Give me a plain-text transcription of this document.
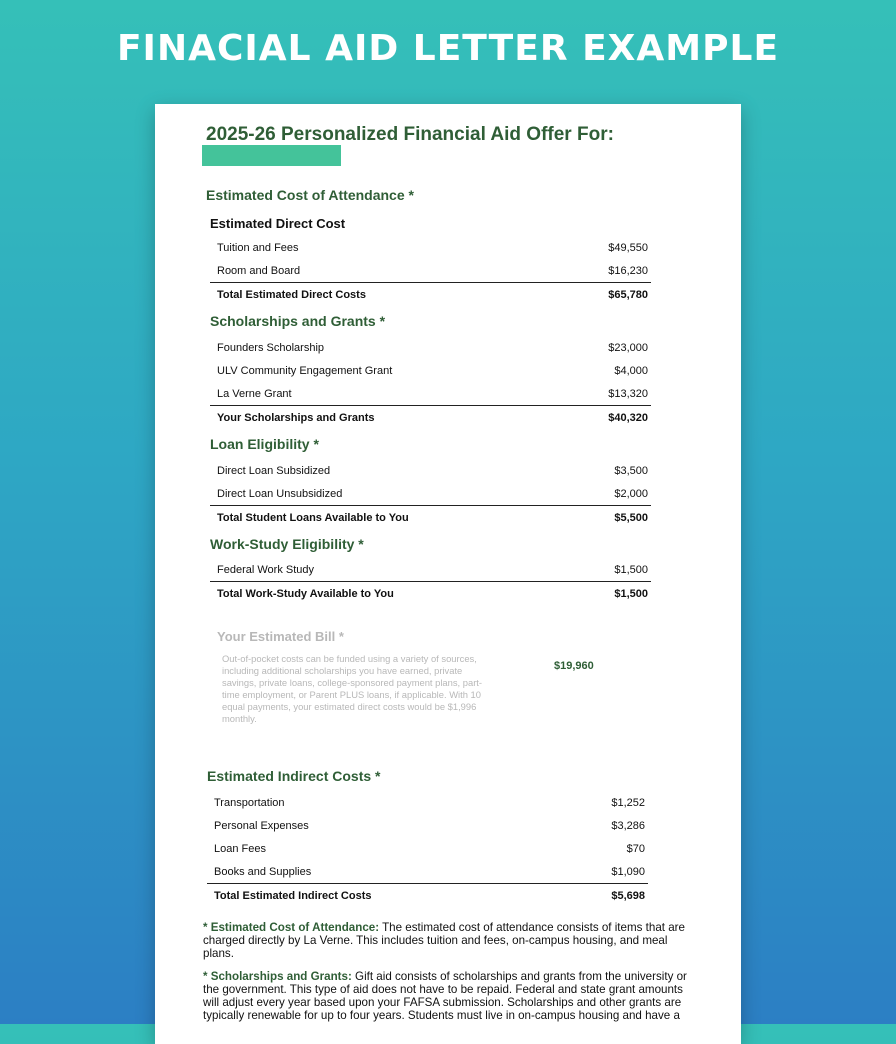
FINACIAL AID LETTER EXAMPLE
2025-26 Personalized Financial Aid Offer For:
Estimated Cost of Attendance *
Estimated Direct Cost
Tuition and Fees	$49,550
Room and Board	$16,230
Total Estimated Direct Costs	$65,780
Scholarships and Grants *
Founders Scholarship	$23,000
ULV Community Engagement Grant	$4,000
La Verne Grant	$13,320
Your Scholarships and Grants	$40,320
Loan Eligibility *
Direct Loan Subsidized	$3,500
Direct Loan Unsubsidized	$2,000
Total Student Loans Available to You	$5,500
Work-Study Eligibility *
Federal Work Study	$1,500
Total Work-Study Available to You	$1,500
Your Estimated Bill *
Out-of-pocket costs can be funded using a variety of sources, including additional scholarships you have earned, private savings, private loans, college-sponsored payment plans, part-time employment, or Parent PLUS loans, if applicable. With 10 equal payments, your estimated direct costs would be $1,996 monthly.
$19,960
Estimated Indirect Costs *
Transportation	$1,252
Personal Expenses	$3,286
Loan Fees	$70
Books and Supplies	$1,090
Total Estimated Indirect Costs	$5,698
* Estimated Cost of Attendance: The estimated cost of attendance consists of items that are charged directly by La Verne. This includes tuition and fees, on-campus housing, and meal plans.
* Scholarships and Grants: Gift aid consists of scholarships and grants from the university or the government. This type of aid does not have to be repaid. Federal and state grant amounts will adjust every year based upon your FAFSA submission. Scholarships and other grants are typically renewable for up to four years. Students must live in on-campus housing and have a
